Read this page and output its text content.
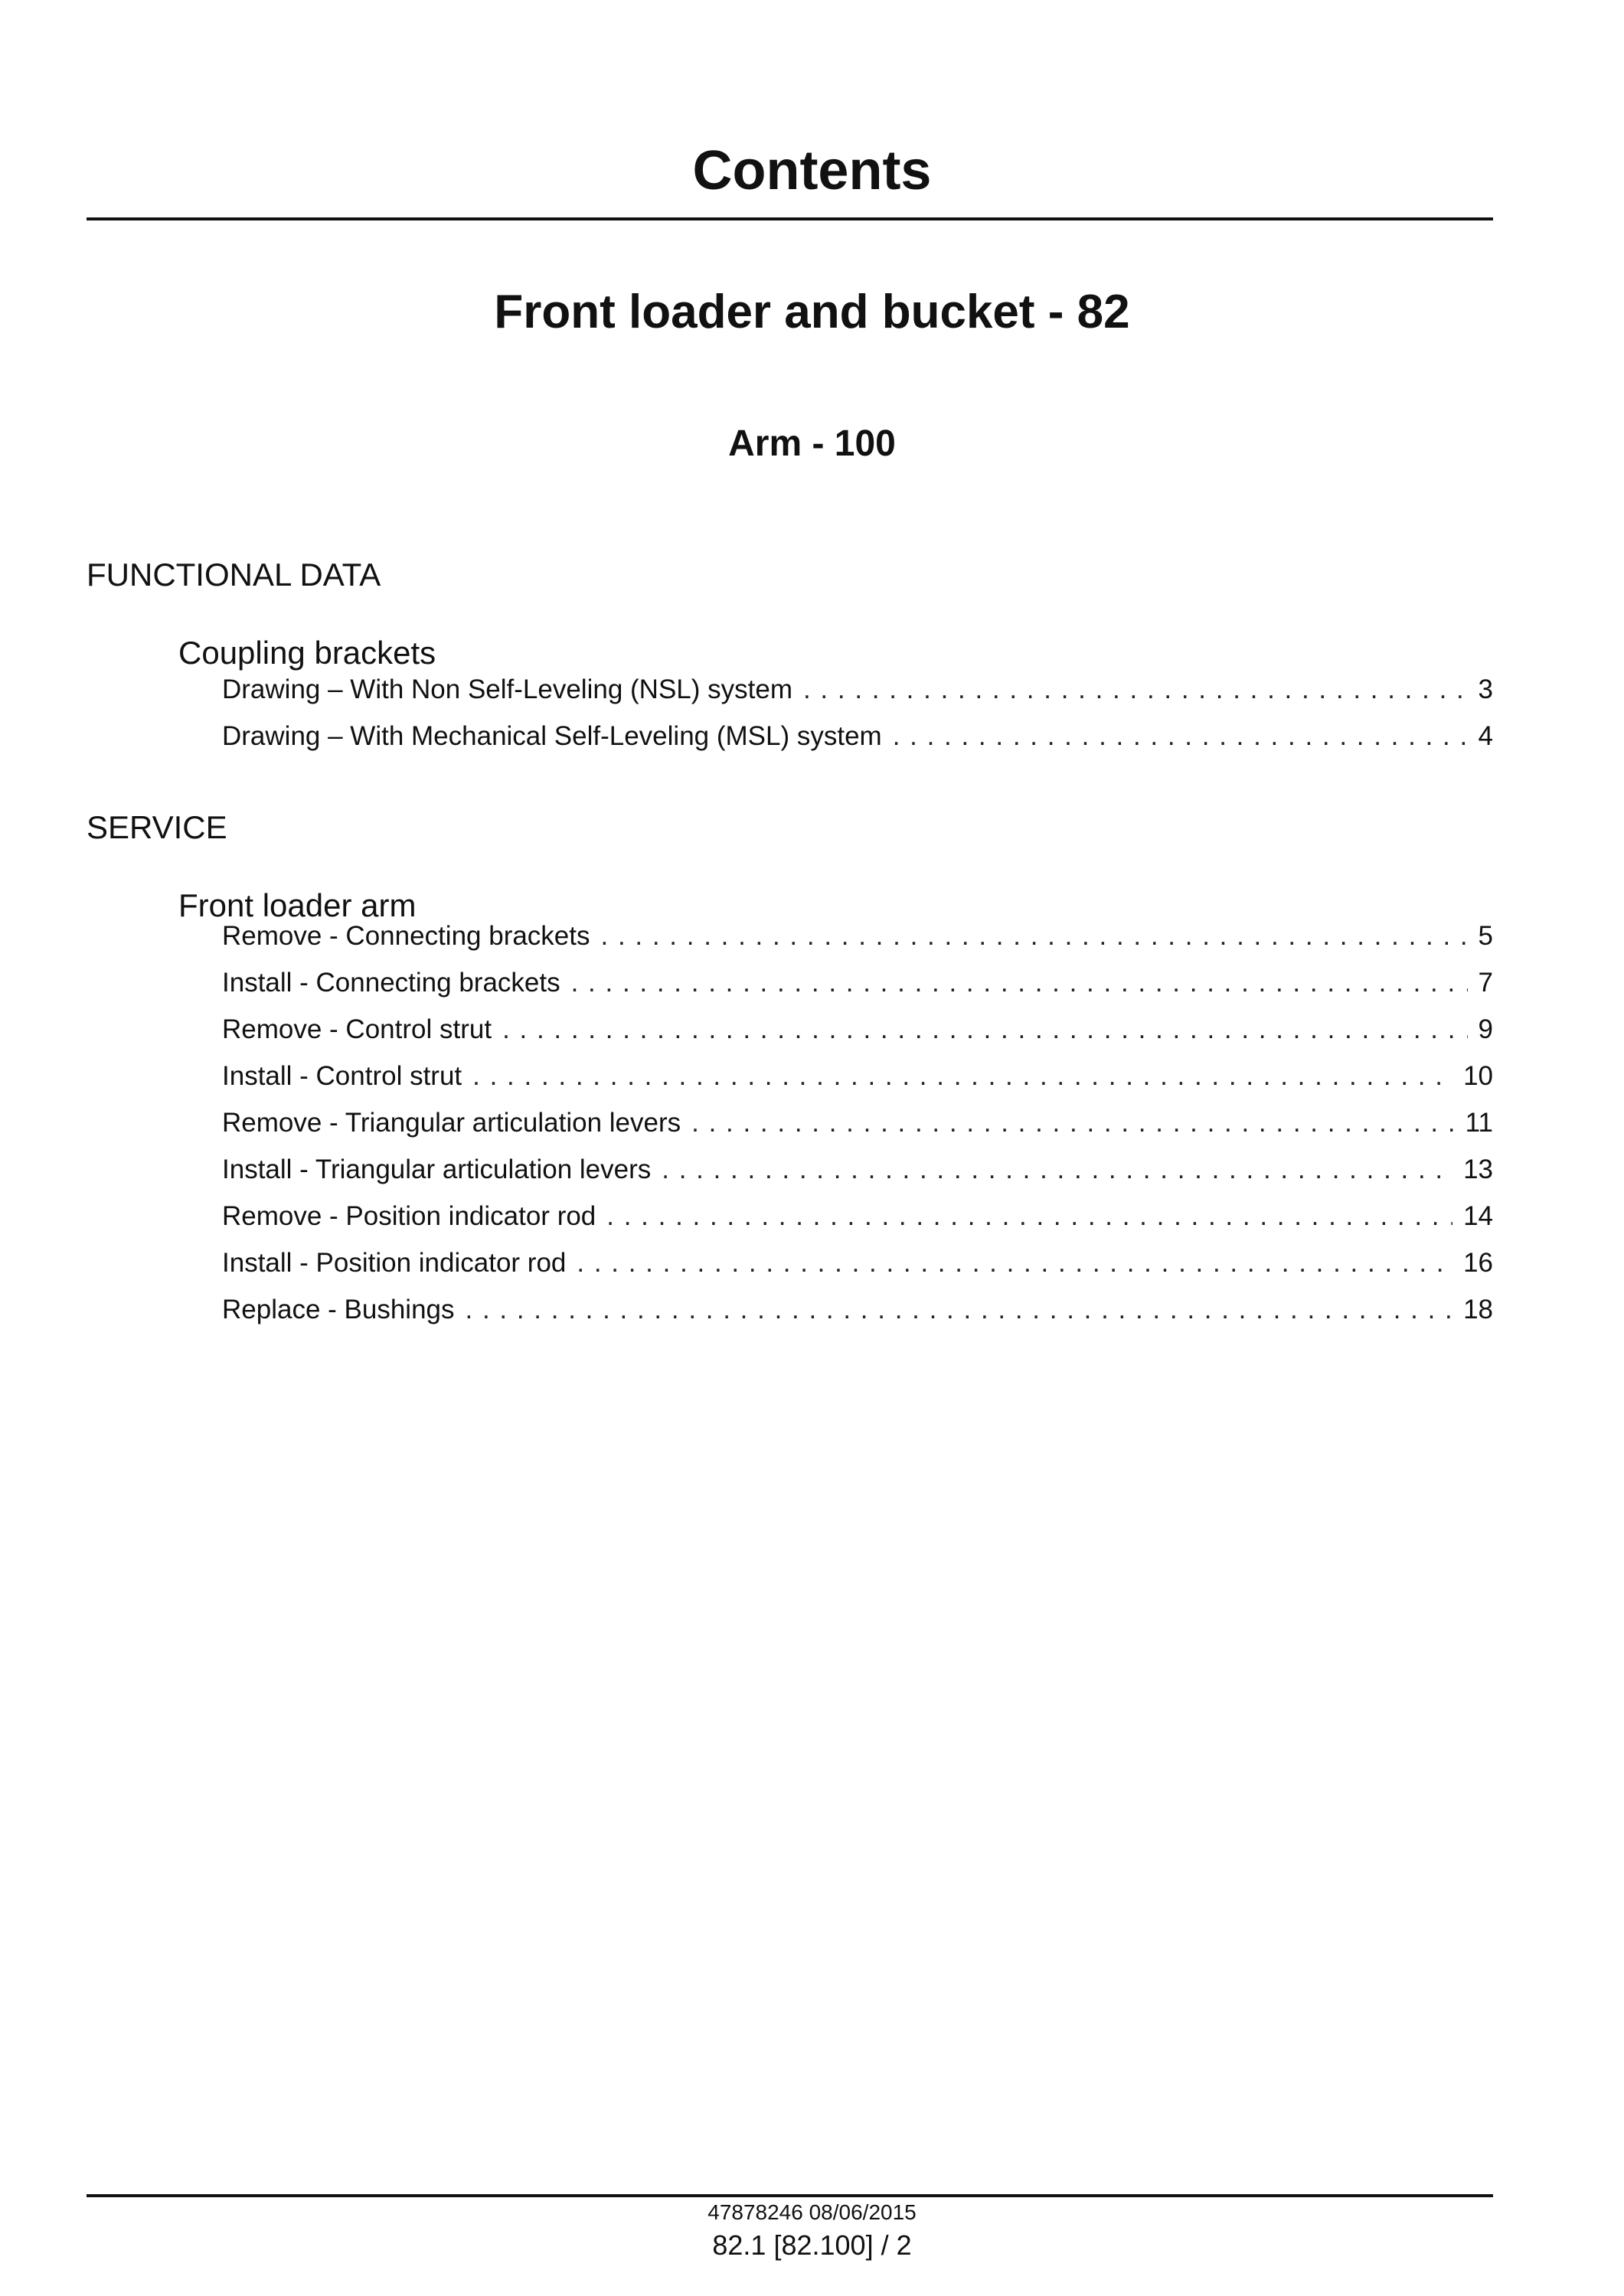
Contents
Front loader and bucket - 82
Arm - 100
FUNCTIONAL DATA
Coupling brackets
Drawing – With Non Self-Leveling (NSL) system . . .	3
Drawing – With Mechanical Self-Leveling (MSL) system . . .	4
SERVICE
Front loader arm
Remove - Connecting brackets . . .	5
Install - Connecting brackets . . .	7
Remove - Control strut . . .	9
Install - Control strut . . .	10
Remove - Triangular articulation levers . . .	11
Install - Triangular articulation levers . . .	13
Remove - Position indicator rod . . .	14
Install - Position indicator rod . . .	16
Replace - Bushings . . .	18
47878246 08/06/2015
82.1 [82.100] / 2
